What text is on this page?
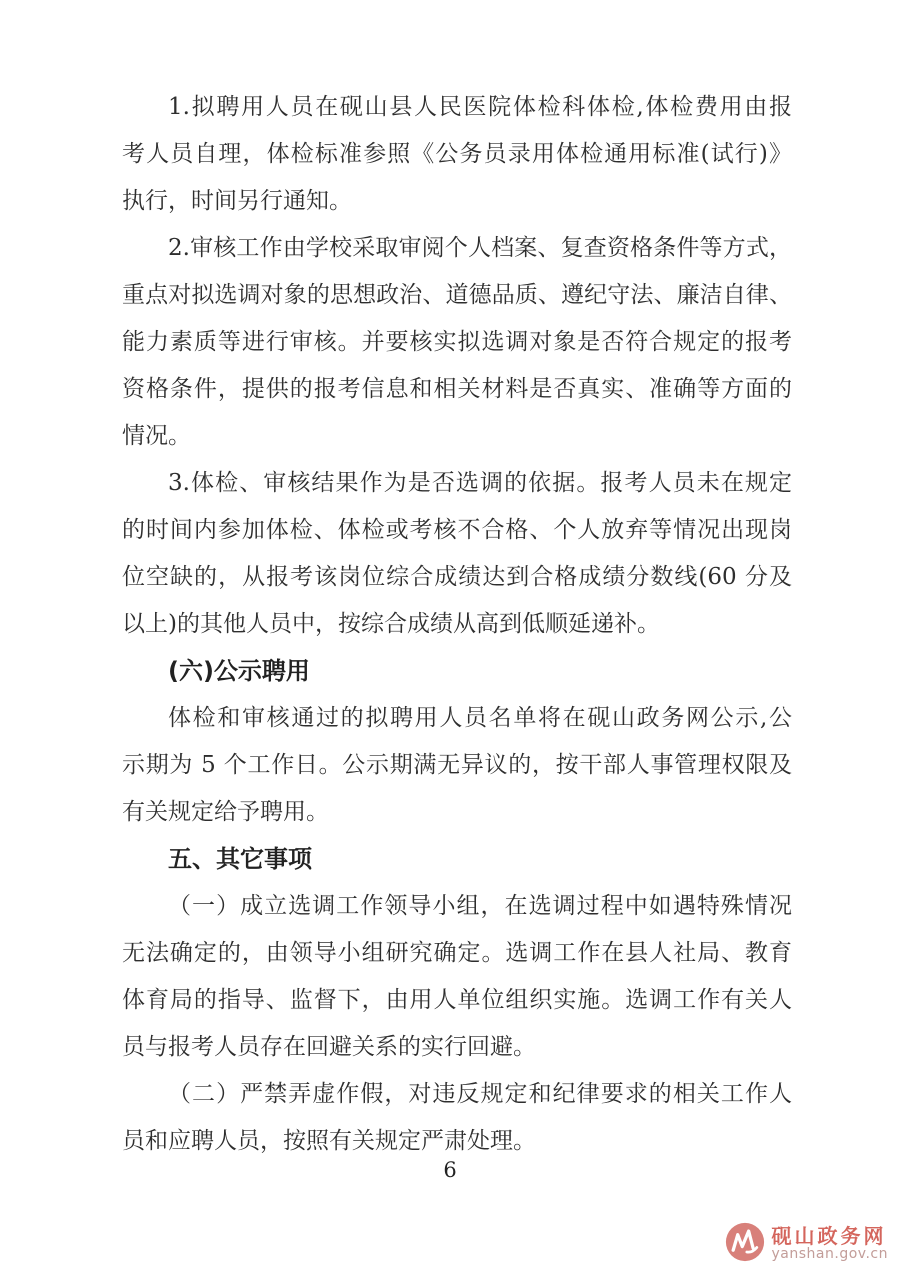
1.拟聘用人员在砚山县人民医院体检科体检,体检费用由报
考人员自理，体检标准参照《公务员录用体检通用标准(试行)》
执行，时间另行通知。
2.审核工作由学校采取审阅个人档案、复查资格条件等方式，
重点对拟选调对象的思想政治、道德品质、遵纪守法、廉洁自律、
能力素质等进行审核。并要核实拟选调对象是否符合规定的报考
资格条件，提供的报考信息和相关材料是否真实、准确等方面的
情况。
3.体检、审核结果作为是否选调的依据。报考人员未在规定
的时间内参加体检、体检或考核不合格、个人放弃等情况出现岗
位空缺的，从报考该岗位综合成绩达到合格成绩分数线(60 分及
以上)的其他人员中，按综合成绩从高到低顺延递补。
(六)公示聘用
体检和审核通过的拟聘用人员名单将在砚山政务网公示,公
示期为 5 个工作日。公示期满无异议的，按干部人事管理权限及
有关规定给予聘用。
五、其它事项
（一）成立选调工作领导小组，在选调过程中如遇特殊情况
无法确定的，由领导小组研究确定。选调工作在县人社局、教育
体育局的指导、监督下，由用人单位组织实施。选调工作有关人
员与报考人员存在回避关系的实行回避。
（二）严禁弄虚作假，对违反规定和纪律要求的相关工作人
员和应聘人员，按照有关规定严肃处理。
6
砚山政务网
yanshan.gov.cn
